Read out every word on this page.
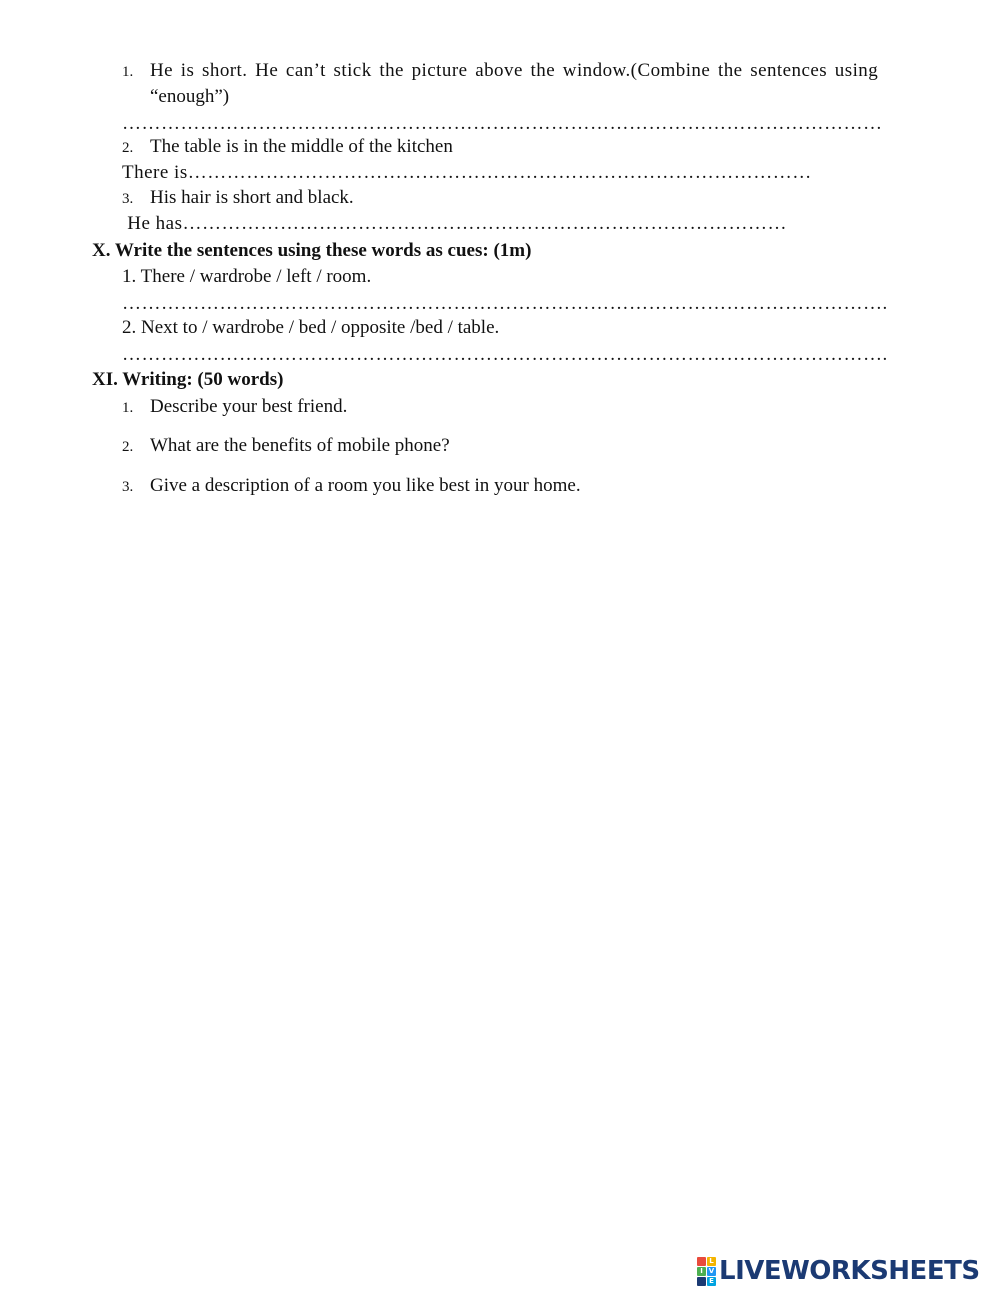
1. He is short. He can’t stick the picture above the window.(Combine the sentences using
“enough”)
………………………………………………………………………………………………………
2. The table is in the middle of the kitchen
There is……………………………………………………………………………………
3. His hair is short and black.
He has…………………………………………………………………………………
X. Write the sentences using these words as cues: (1m)
1. There / wardrobe / left / room.
……………………………………………………………………………………………………….
2. Next to / wardrobe / bed / opposite /bed / table.
……………………………………………………………………………………………………….
XI. Writing: (50 words)
1. Describe your best friend.
2. What are the benefits of mobile phone?
3. Give a description of a room you like best in your home.
L
I V
E LIVEWORKSHEETS
